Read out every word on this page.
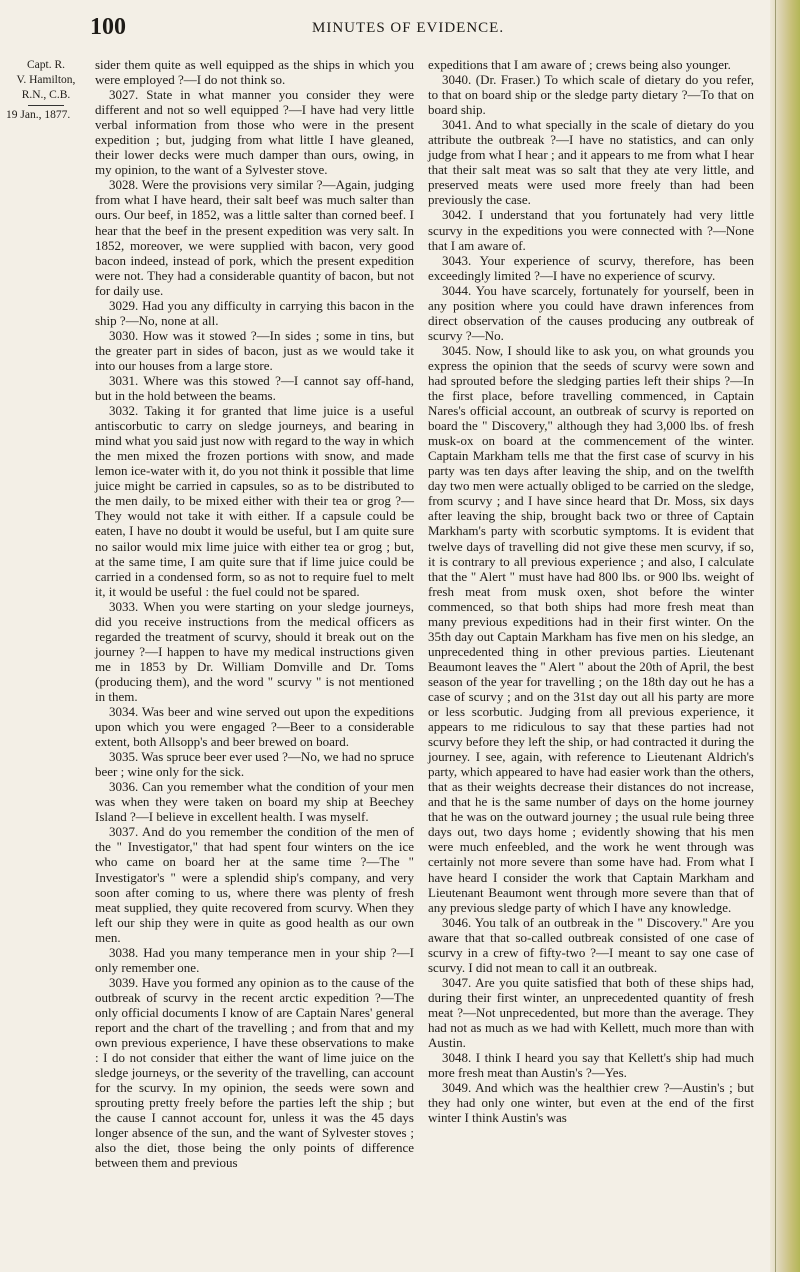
100	MINUTES OF EVIDENCE.
Capt. R.
V. Hamilton,
R.N., C.B.
19 Jan., 1877.

sider them quite as well equipped as the ships in which you were employed ?—I do not think so.

3027. State in what manner you consider they were different and not so well equipped ?—I have had very little verbal information from those who were in the present expedition ; but, judging from what little I have gleaned, their lower decks were much damper than ours, owing, in my opinion, to the want of a Sylvester stove.

3028. Were the provisions very similar ?—Again, judging from what I have heard, their salt beef was much salter than ours. Our beef, in 1852, was a little salter than corned beef. I hear that the beef in the present expedition was very salt. In 1852, moreover, we were supplied with bacon, very good bacon indeed, instead of pork, which the present expedition were not. They had a considerable quantity of bacon, but not for daily use.

3029. Had you any difficulty in carrying this bacon in the ship ?—No, none at all.

3030. How was it stowed ?—In sides ; some in tins, but the greater part in sides of bacon, just as we would take it into our houses from a large store.

3031. Where was this stowed ?—I cannot say off-hand, but in the hold between the beams.

3032. Taking it for granted that lime juice is a useful antiscorbutic to carry on sledge journeys, and bearing in mind what you said just now with regard to the way in which the men mixed the frozen portions with snow, and made lemon ice-water with it, do you not think it possible that lime juice might be carried in capsules, so as to be distributed to the men daily, to be mixed either with their tea or grog ?—They would not take it with either. If a capsule could be eaten, I have no doubt it would be useful, but I am quite sure no sailor would mix lime juice with either tea or grog ; but, at the same time, I am quite sure that if lime juice could be carried in a condensed form, so as not to require fuel to melt it, it would be useful : the fuel could not be spared.

3033. When you were starting on your sledge journeys, did you receive instructions from the medical officers as regarded the treatment of scurvy, should it break out on the journey ?—I happen to have my medical instructions given me in 1853 by Dr. William Domville and Dr. Toms (producing them), and the word " scurvy " is not mentioned in them.

3034. Was beer and wine served out upon the expeditions upon which you were engaged ?—Beer to a considerable extent, both Allsopp's and beer brewed on board.

3035. Was spruce beer ever used ?—No, we had no spruce beer ; wine only for the sick.

3036. Can you remember what the condition of your men was when they were taken on board my ship at Beechey Island ?—I believe in excellent health. I was myself.

3037. And do you remember the condition of the men of the " Investigator," that had spent four winters on the ice who came on board her at the same time ?—The " Investigator's " were a splendid ship's company, and very soon after coming to us, where there was plenty of fresh meat supplied, they quite recovered from scurvy. When they left our ship they were in quite as good health as our own men.

3038. Had you many temperance men in your ship ?—I only remember one.

3039. Have you formed any opinion as to the cause of the outbreak of scurvy in the recent arctic expedition ?—The only official documents I know of are Captain Nares' general report and the chart of the travelling ; and from that and my own previous experience, I have these observations to make : I do not consider that either the want of lime juice on the sledge journeys, or the severity of the travelling, can account for the scurvy. In my opinion, the seeds were sown and sprouting pretty freely before the parties left the ship ; but the cause I cannot account for, unless it was the 45 days longer absence of the sun, and the want of Sylvester stoves ; also the diet, those being the only points of difference between them and previous

expeditions that I am aware of ; crews being also younger.

3040. (Dr. Fraser.) To which scale of dietary do you refer, to that on board ship or the sledge party dietary ?—To that on board ship.

3041. And to what specially in the scale of dietary do you attribute the outbreak ?—I have no statistics, and can only judge from what I hear ; and it appears to me from what I hear that their salt meat was so salt that they ate very little, and preserved meats were used more freely than had been previously the case.

3042. I understand that you fortunately had very little scurvy in the expeditions you were connected with ?—None that I am aware of.

3043. Your experience of scurvy, therefore, has been exceedingly limited ?—I have no experience of scurvy.

3044. You have scarcely, fortunately for yourself, been in any position where you could have drawn inferences from direct observation of the causes producing any outbreak of scurvy ?—No.

3045. Now, I should like to ask you, on what grounds you express the opinion that the seeds of scurvy were sown and had sprouted before the sledging parties left their ships ?—In the first place, before travelling commenced, in Captain Nares's official account, an outbreak of scurvy is reported on board the " Discovery," although they had 3,000 lbs. of fresh musk-ox on board at the commencement of the winter. Captain Markham tells me that the first case of scurvy in his party was ten days after leaving the ship, and on the twelfth day two men were actually obliged to be carried on the sledge, from scurvy ; and I have since heard that Dr. Moss, six days after leaving the ship, brought back two or three of Captain Markham's party with scorbutic symptoms. It is evident that twelve days of travelling did not give these men scurvy, if so, it is contrary to all previous experience ; and also, I calculate that the " Alert " must have had 800 lbs. or 900 lbs. weight of fresh meat from musk oxen, shot before the winter commenced, so that both ships had more fresh meat than many previous expeditions had in their first winter. On the 35th day out Captain Markham has five men on his sledge, an unprecedented thing in other previous parties. Lieutenant Beaumont leaves the " Alert " about the 20th of April, the best season of the year for travelling ; on the 18th day out he has a case of scurvy ; and on the 31st day out all his party are more or less scorbutic. Judging from all previous experience, it appears to me ridiculous to say that these parties had not scurvy before they left the ship, or had contracted it during the journey. I see, again, with reference to Lieutenant Aldrich's party, which appeared to have had easier work than the others, that as their weights decrease their distances do not increase, and that he is the same number of days on the home journey that he was on the outward journey ; the usual rule being three days out, two days home ; evidently showing that his men were much enfeebled, and the work he went through was certainly not more severe than some have had. From what I have heard I consider the work that Captain Markham and Lieutenant Beaumont went through more severe than that of any previous sledge party of which I have any knowledge.

3046. You talk of an outbreak in the " Discovery." Are you aware that that so-called outbreak consisted of one case of scurvy in a crew of fifty-two ?—I meant to say one case of scurvy. I did not mean to call it an outbreak.

3047. Are you quite satisfied that both of these ships had, during their first winter, an unprecedented quantity of fresh meat ?—Not unprecedented, but more than the average. They had not as much as we had with Kellett, much more than with Austin.

3048. I think I heard you say that Kellett's ship had much more fresh meat than Austin's ?—Yes.

3049. And which was the healthier crew ?—Austin's ; but they had only one winter, but even at the end of the first winter I think Austin's was
